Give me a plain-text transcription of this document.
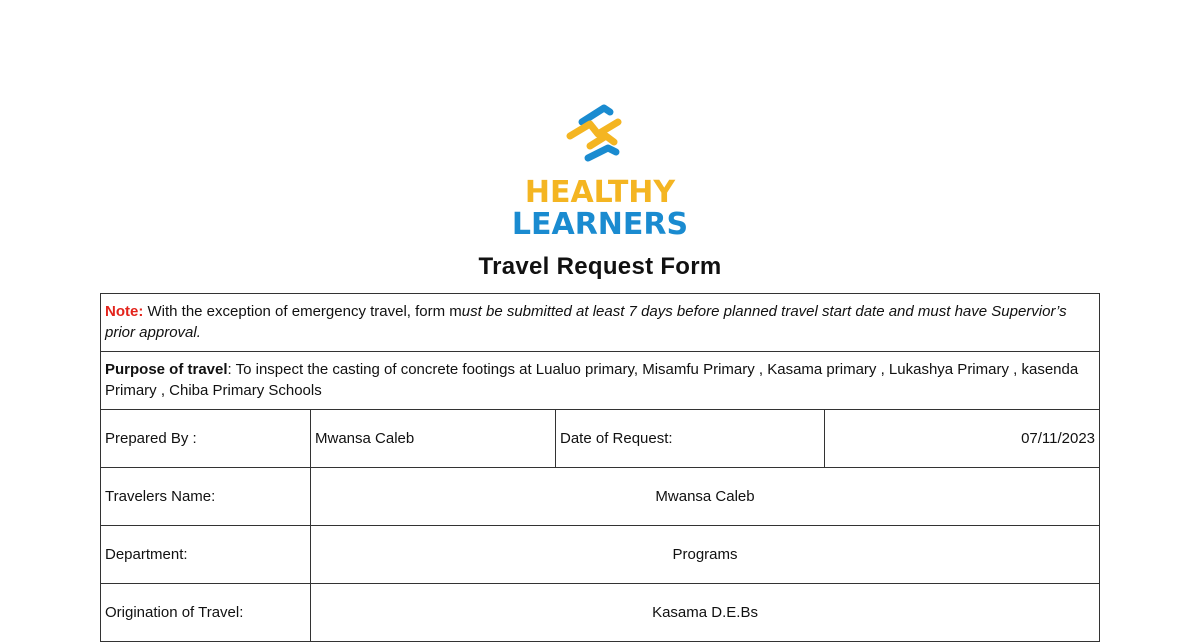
HEALTHY
LEARNERS
Travel Request Form
Note: With the exception of emergency travel, form must be submitted at least 7 days before planned travel start date and must have Supervior’s prior approval.			
Purpose of travel: To inspect the casting of concrete footings at Lualuo primary, Misamfu Primary , Kasama primary , Lukashya Primary , kasenda Primary , Chiba Primary Schools			
Prepared By :	Mwansa Caleb	Date of Request:	07/11/2023
Travelers Name:	Mwansa Caleb		
Department:	Programs		
Origination of Travel:	Kasama D.E.Bs		
